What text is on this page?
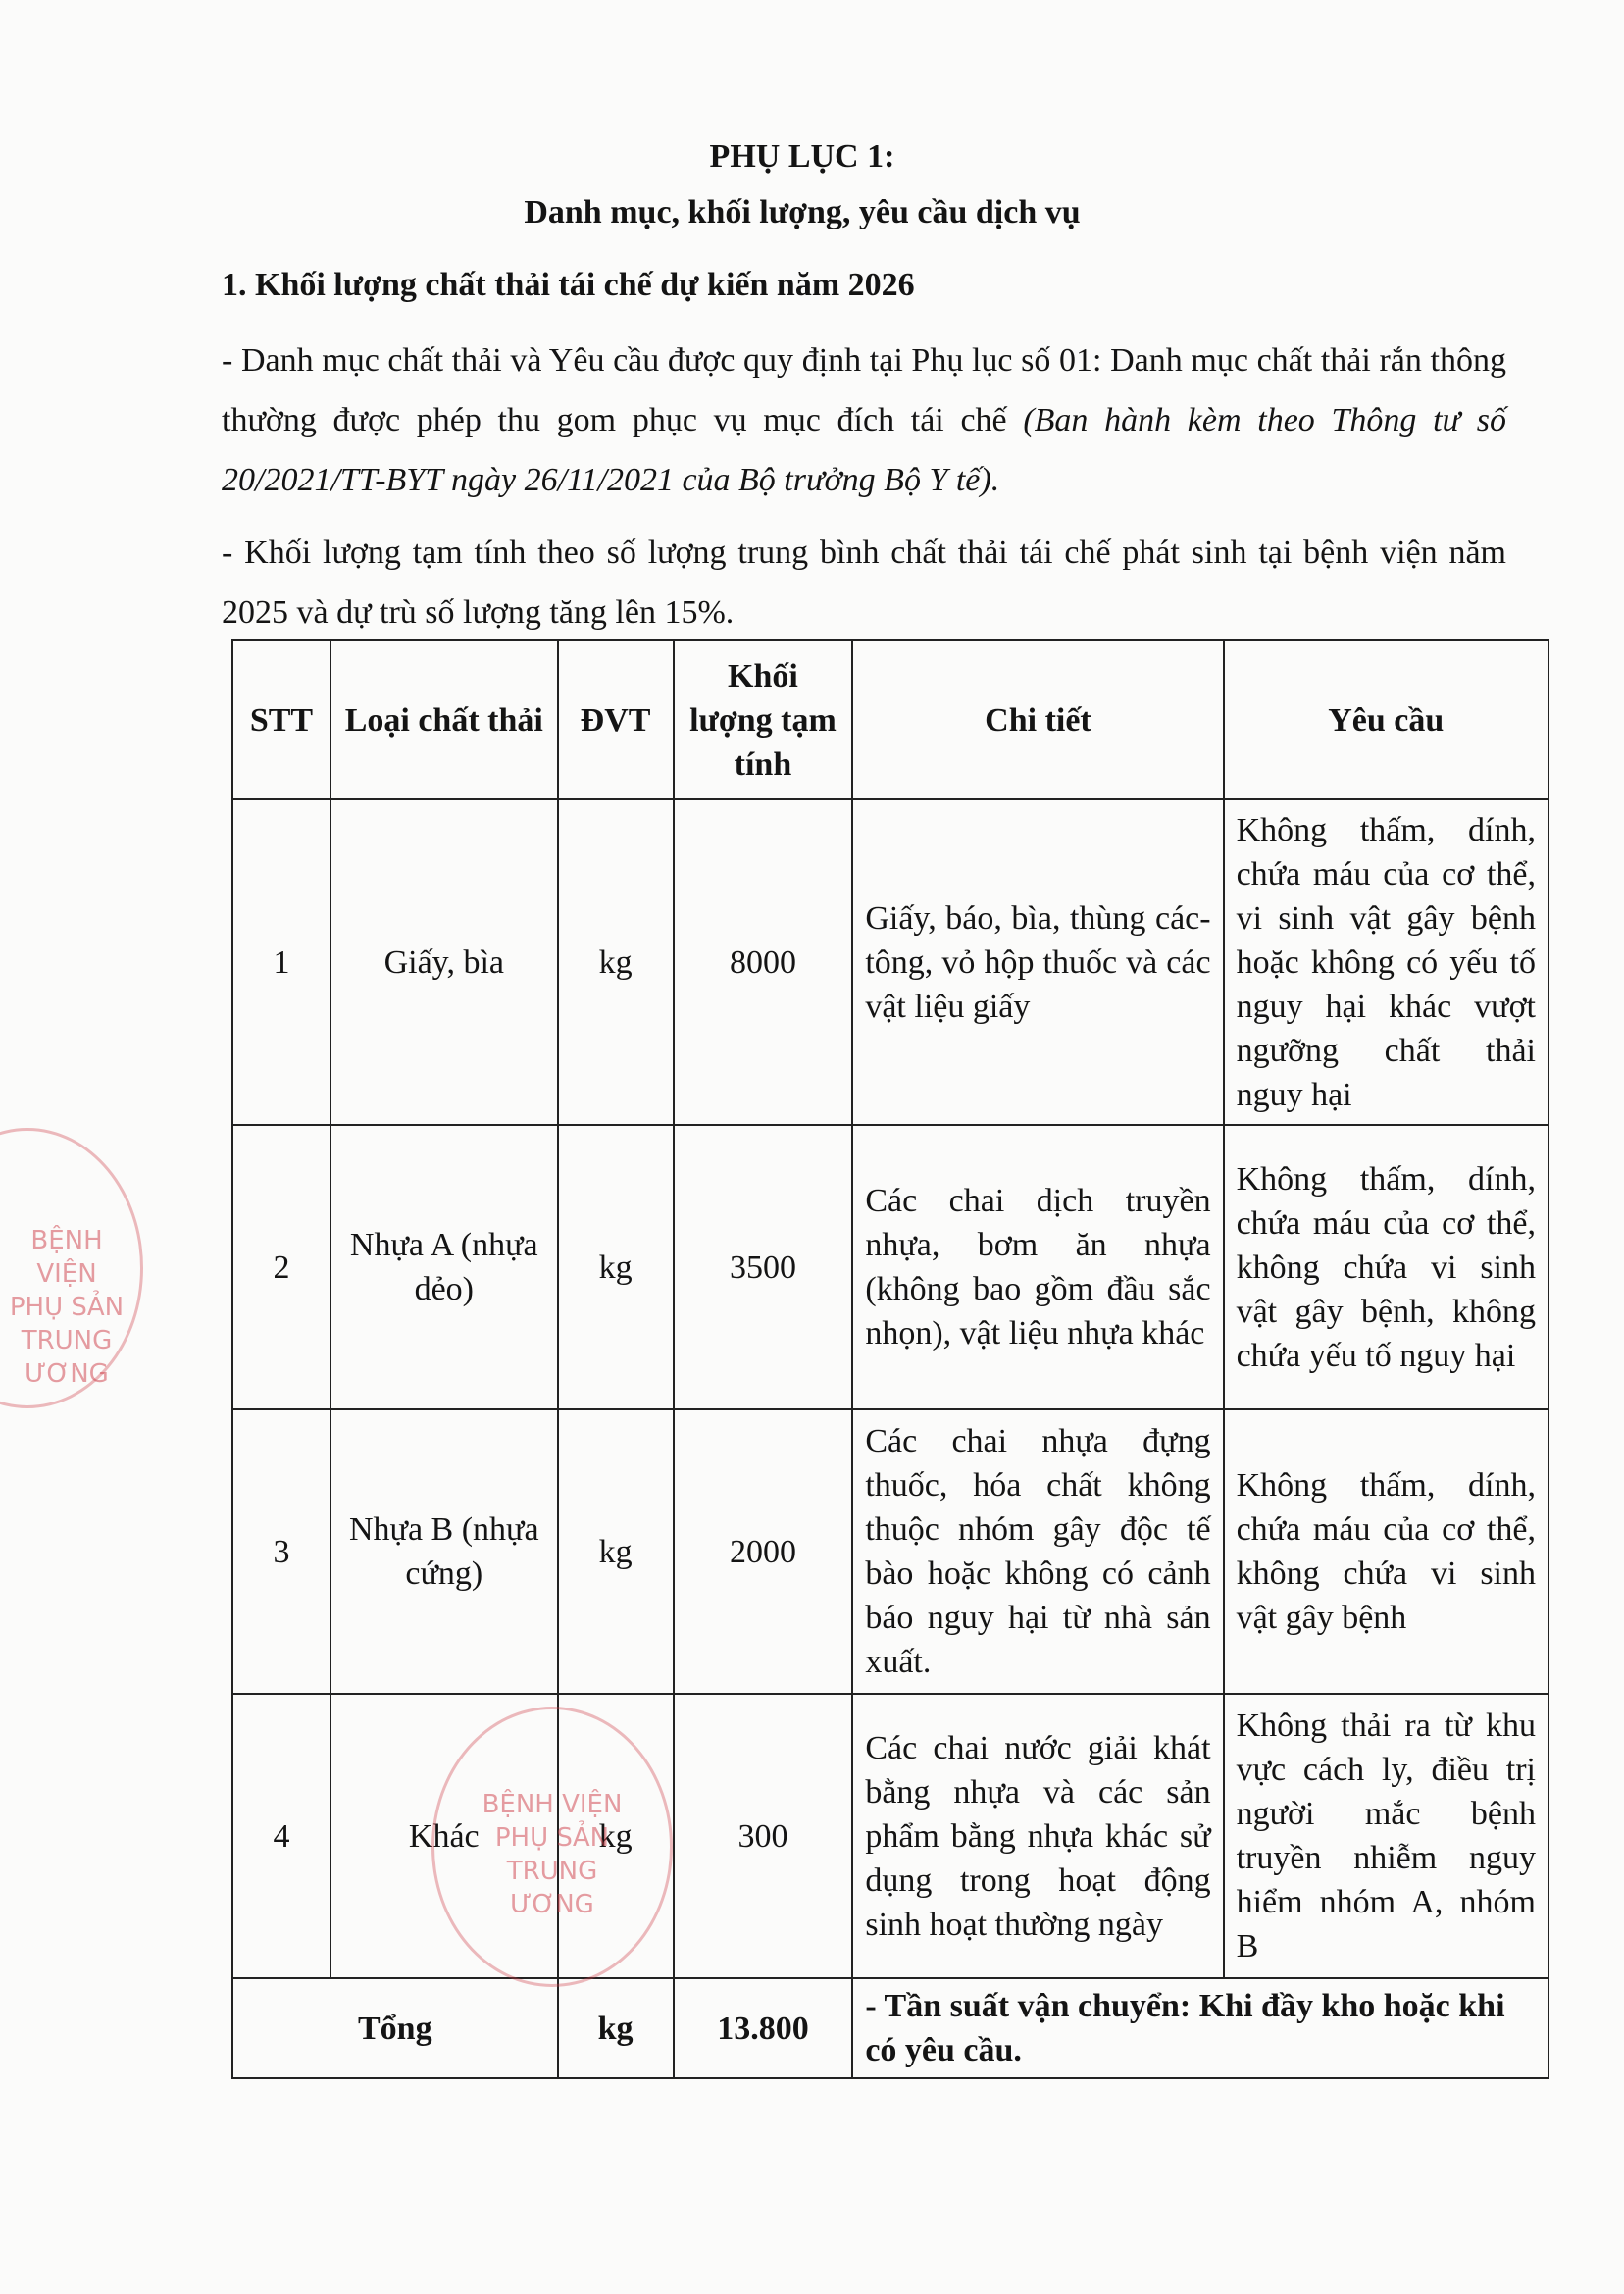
PHỤ LỤC 1:
Danh mục, khối lượng, yêu cầu dịch vụ
1. Khối lượng chất thải tái chế dự kiến năm 2026
- Danh mục chất thải và Yêu cầu được quy định tại Phụ lục số 01: Danh mục chất thải rắn thông thường được phép thu gom phục vụ mục đích tái chế (Ban hành kèm theo Thông tư số 20/2021/TT-BYT ngày 26/11/2021 của Bộ trưởng Bộ Y tế).
- Khối lượng tạm tính theo số lượng trung bình chất thải tái chế phát sinh tại bệnh viện năm 2025 và dự trù số lượng tăng lên 15%.
STT	Loại chất thải	ĐVT	Khối lượng tạm tính	Chi tiết	Yêu cầu
1	Giấy, bìa	kg	8000	Giấy, báo, bìa, thùng các-tông, vỏ hộp thuốc và các vật liệu giấy	Không thấm, dính, chứa máu của cơ thể, vi sinh vật gây bệnh hoặc không có yếu tố nguy hại khác vượt ngưỡng chất thải nguy hại
2	Nhựa A (nhựa dẻo)	kg	3500	Các chai dịch truyền nhựa, bơm ăn nhựa (không bao gồm đầu sắc nhọn), vật liệu nhựa khác	Không thấm, dính, chứa máu của cơ thể, không chứa vi sinh vật gây bệnh, không chứa yếu tố nguy hại
3	Nhựa B (nhựa cứng)	kg	2000	Các chai nhựa đựng thuốc, hóa chất không thuộc nhóm gây độc tế bào hoặc không có cảnh báo nguy hại từ nhà sản xuất.	Không thấm, dính, chứa máu của cơ thể, không chứa vi sinh vật gây bệnh
4	Khác	kg	300	Các chai nước giải khát bằng nhựa và các sản phẩm bằng nhựa khác sử dụng trong hoạt động sinh hoạt thường ngày	Không thải ra từ khu vực cách ly, điều trị người mắc bệnh truyền nhiễm nguy hiểm nhóm A, nhóm B
Tổng		kg	13.800	- Tần suất vận chuyển: Khi đầy kho hoặc khi có yêu cầu.	
BỆNH VIỆN PHỤ SẢN TRUNG ƯƠNG
BỆNH VIỆN PHỤ SẢN TRUNG ƯƠNG
